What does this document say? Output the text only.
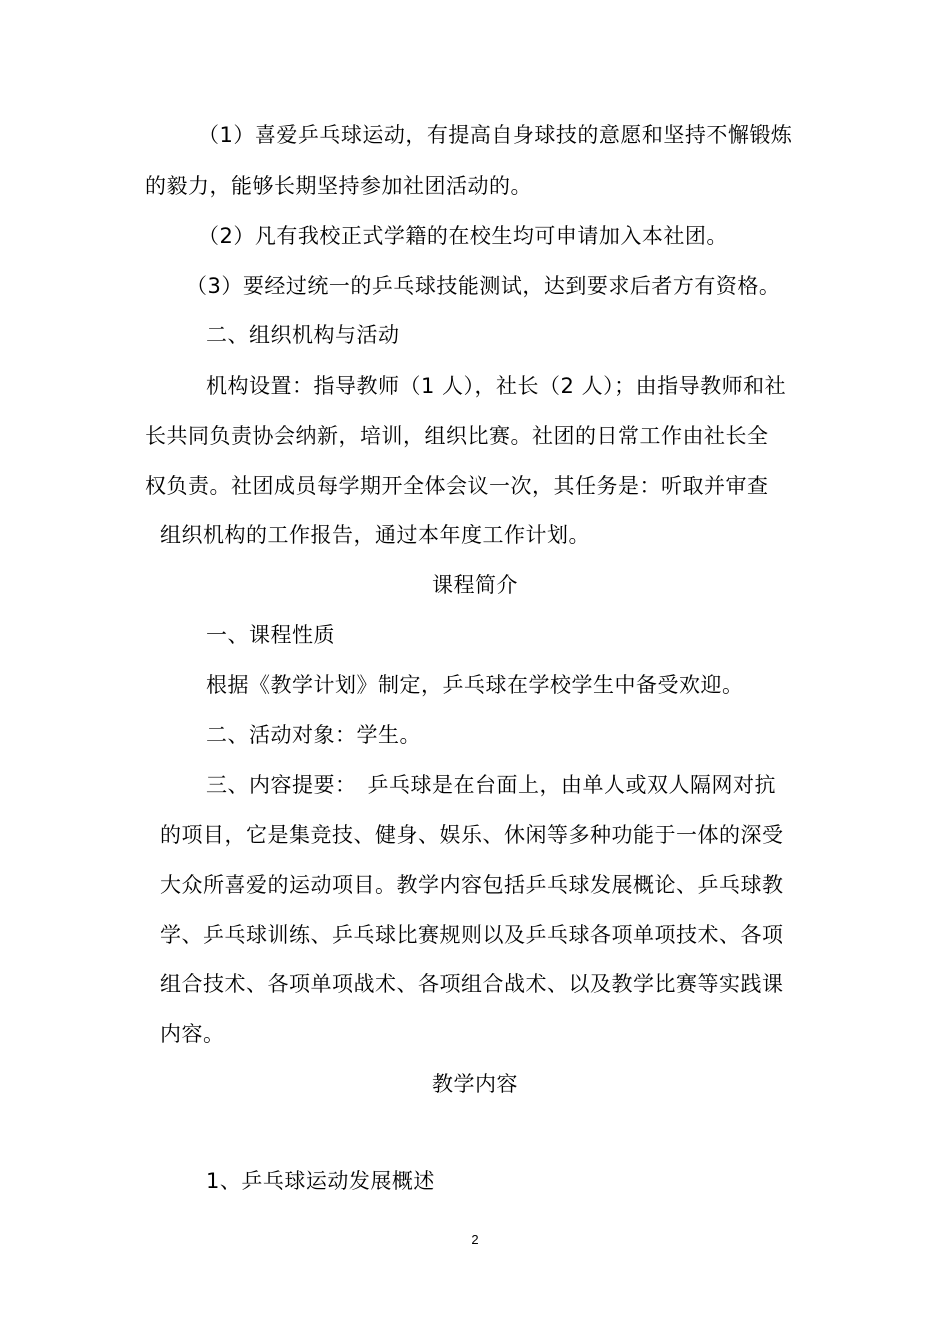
（1）喜爱乒乓球运动，有提高自身球技的意愿和坚持不懈锻炼
的毅力，能够长期坚持参加社团活动的。
（2）凡有我校正式学籍的在校生均可申请加入本社团。
（3）要经过统一的乒乓球技能测试，达到要求后者方有资格。
二、组织机构与活动
机构设置：指导教师（1 人），社长（2 人）；由指导教师和社
长共同负责协会纳新，培训，组织比赛。社团的日常工作由社长全
权负责。社团成员每学期开全体会议一次，其任务是：听取并审查
组织机构的工作报告，通过本年度工作计划。
课程简介
一、课程性质
根据《教学计划》制定，乒乓球在学校学生中备受欢迎。
二、活动对象：学生。
三、内容提要：　乒乓球是在台面上，由单人或双人隔网对抗
的项目，它是集竞技、健身、娱乐、休闲等多种功能于一体的深受
大众所喜爱的运动项目。教学内容包括乒乓球发展概论、乒乓球教
学、乒乓球训练、乒乓球比赛规则以及乒乓球各项单项技术、各项
组合技术、各项单项战术、各项组合战术、以及教学比赛等实践课
内容。
教学内容
1、乒乓球运动发展概述
2
